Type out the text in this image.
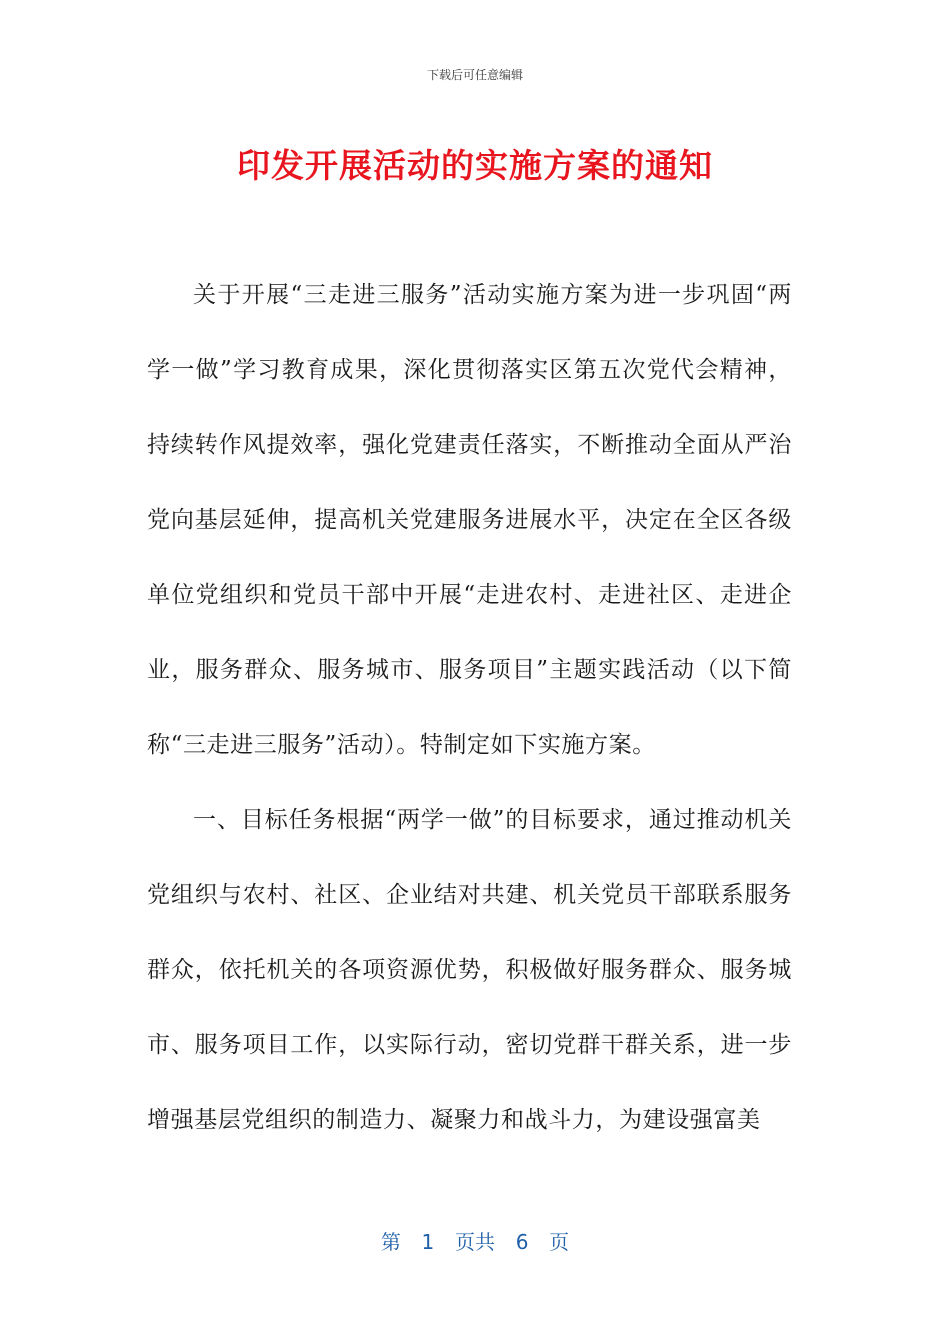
下载后可任意编辑
印发开展活动的实施方案的通知

关于开展“三走进三服务”活动实施方案为进一步巩固“两学一做”学习教育成果，深化贯彻落实区第五次党代会精神，持续转作风提效率，强化党建责任落实，不断推动全面从严治党向基层延伸，提高机关党建服务进展水平，决定在全区各级单位党组织和党员干部中开展“走进农村、走进社区、走进企业，服务群众、服务城市、服务项目”主题实践活动（以下简称“三走进三服务”活动）。特制定如下实施方案。

一、目标任务根据“两学一做”的目标要求，通过推动机关党组织与农村、社区、企业结对共建、机关党员干部联系服务群众，依托机关的各项资源优势，积极做好服务群众、服务城市、服务项目工作，以实际行动，密切党群干群关系，进一步增强基层党组织的制造力、凝聚力和战斗力，为建设强富美

第  1  页共  6  页
